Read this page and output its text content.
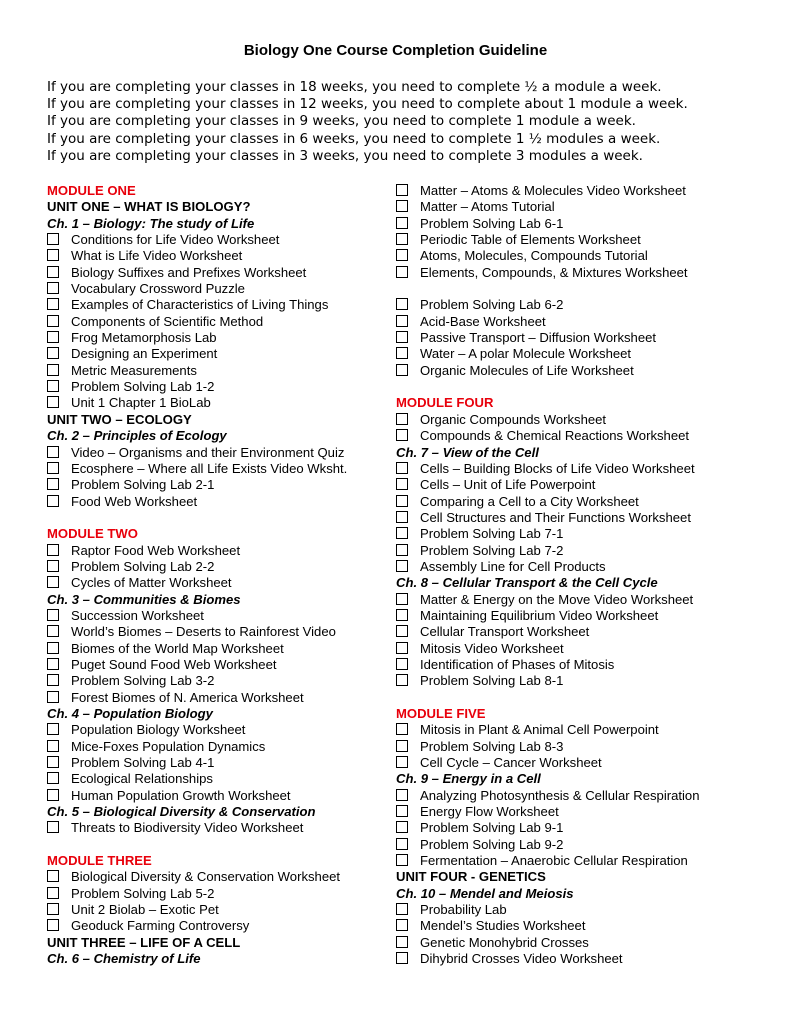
Biology One Course Completion Guideline
If you are completing your classes in 18 weeks, you need to complete ½ a module a week.
If you are completing your classes in 12 weeks, you need to complete about 1 module a week.
If you are completing your classes in 9 weeks, you need to complete 1 module a week.
If you are completing your classes in 6 weeks, you need to complete 1 ½ modules a week.
If you are completing your classes in 3 weeks, you need to complete 3 modules a week.
MODULE ONE
UNIT ONE – WHAT IS BIOLOGY?
Ch. 1 – Biology: The study of Life
Conditions for Life Video Worksheet
What is Life Video Worksheet
Biology Suffixes and Prefixes Worksheet
Vocabulary Crossword Puzzle
Examples of Characteristics of Living Things
Components of Scientific Method
Frog Metamorphosis Lab
Designing an Experiment
Metric Measurements
Problem Solving Lab 1-2
Unit 1 Chapter 1 BioLab
UNIT TWO – ECOLOGY
Ch. 2 – Principles of Ecology
Video – Organisms and their Environment Quiz
Ecosphere – Where all Life Exists Video Wksht.
Problem Solving Lab 2-1
Food Web Worksheet
MODULE TWO
Raptor Food Web Worksheet
Problem Solving Lab 2-2
Cycles of Matter Worksheet
Ch. 3 – Communities & Biomes
Succession Worksheet
World’s Biomes – Deserts to Rainforest Video
Biomes of the World Map Worksheet
Puget Sound Food Web Worksheet
Problem Solving Lab 3-2
Forest Biomes of N. America Worksheet
Ch. 4 – Population Biology
Population Biology Worksheet
Mice-Foxes Population Dynamics
Problem Solving Lab 4-1
Ecological Relationships
Human Population Growth Worksheet
Ch. 5 – Biological Diversity & Conservation
Threats to Biodiversity Video Worksheet
MODULE THREE
Biological Diversity & Conservation Worksheet
Problem Solving Lab 5-2
Unit 2 Biolab – Exotic Pet
Geoduck Farming Controversy
UNIT THREE – LIFE OF A CELL
Ch. 6 – Chemistry of Life
Matter – Atoms & Molecules Video Worksheet
Matter – Atoms Tutorial
Problem Solving Lab 6-1
Periodic Table of Elements Worksheet
Atoms, Molecules, Compounds Tutorial
Elements, Compounds, & Mixtures Worksheet
Problem Solving Lab 6-2
Acid-Base Worksheet
Passive Transport – Diffusion Worksheet
Water – A polar Molecule Worksheet
Organic Molecules of Life Worksheet
MODULE FOUR
Organic Compounds Worksheet
Compounds & Chemical Reactions Worksheet
Ch. 7 – View of the Cell
Cells – Building Blocks of Life Video Worksheet
Cells – Unit of Life Powerpoint
Comparing a Cell to a City Worksheet
Cell Structures and Their Functions Worksheet
Problem Solving Lab 7-1
Problem Solving Lab 7-2
Assembly Line for Cell Products
Ch. 8 – Cellular Transport & the Cell Cycle
Matter & Energy on the Move Video Worksheet
Maintaining Equilibrium Video Worksheet
Cellular Transport Worksheet
Mitosis Video Worksheet
Identification of Phases of Mitosis
Problem Solving Lab 8-1
MODULE FIVE
Mitosis in Plant & Animal Cell Powerpoint
Problem Solving Lab 8-3
Cell Cycle – Cancer Worksheet
Ch. 9 – Energy in a Cell
Analyzing Photosynthesis & Cellular Respiration
Energy Flow Worksheet
Problem Solving Lab 9-1
Problem Solving Lab 9-2
Fermentation – Anaerobic Cellular Respiration
UNIT FOUR - GENETICS
Ch. 10 – Mendel and Meiosis
Probability Lab
Mendel’s Studies Worksheet
Genetic Monohybrid Crosses
Dihybrid Crosses Video Worksheet
